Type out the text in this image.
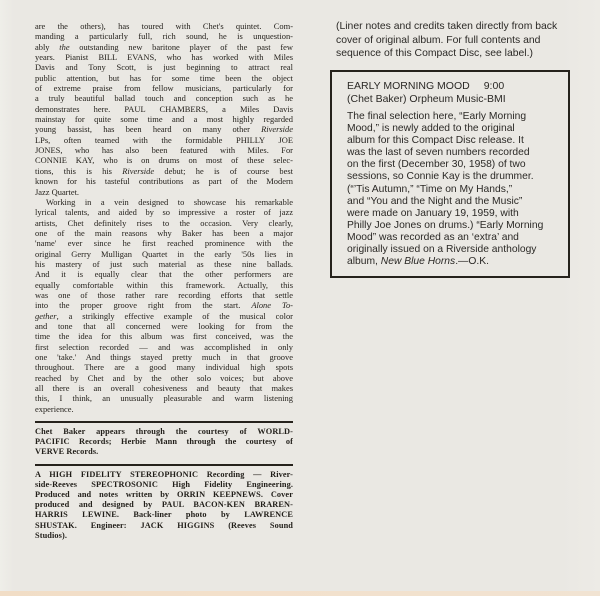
are the others), has toured with Chet's quintet. Com-
manding a particularly full, rich sound, he is unquestion-
ably the outstanding new baritone player of the past few
years. Pianist BILL EVANS, who has worked with Miles
Davis and Tony Scott, is just beginning to attract real
public attention, but has for some time been the object
of extreme praise from fellow musicians, particularly for
a truly beautiful ballad touch and conception such as he
demonstrates here. PAUL CHAMBERS, a Miles Davis
mainstay for quite some time and a most highly regarded
young bassist, has been heard on many other Riverside
LPs, often teamed with the formidable PHILLY JOE
JONES, who has also been featured with Miles. For
CONNIE KAY, who is on drums on most of these selec-
tions, this is his Riverside debut; he is of course best
known for his tasteful contributions as part of the Modern
Jazz Quartet.
Working in a vein designed to showcase his remarkable
lyrical talents, and aided by so impressive a roster of jazz
artists, Chet definitely rises to the occasion. Very clearly,
one of the main reasons why Baker has been a major
'name' ever since he first reached prominence with the
original Gerry Mulligan Quartet in the early '50s lies in
his mastery of just such material as these nine ballads.
And it is equally clear that the other performers are
equally comfortable within this framework. Actually, this
was one of those rather rare recording efforts that settle
into the proper groove right from the start. Alone To-
gether, a strikingly effective example of the musical color
and tone that all concerned were looking for from the
time the idea for this album was first conceived, was the
first selection recorded — and was accomplished in only
one 'take.' And things stayed pretty much in that groove
throughout. There are a good many individual high spots
reached by Chet and by the other solo voices; but above
all there is an overall cohesiveness and beauty that makes
this, I think, an unusually pleasurable and warm listening
experience.
Chet Baker appears through the courtesy of WORLD-
PACIFIC Records; Herbie Mann through the courtesy of
VERVE Records.
A HIGH FIDELITY STEREOPHONIC Recording — River-
side-Reeves SPECTROSONIC High Fidelity Engineering.
Produced and notes written by ORRIN KEEPNEWS. Cover
produced and designed by PAUL BACON-KEN BRAREN-
HARRIS LEWINE. Back-liner photo by LAWRENCE
SHUSTAK. Engineer: JACK HIGGINS (Reeves Sound
Studios).
(Liner notes and credits taken directly from back
cover of original album. For full contents and
sequence of this Compact Disc, see label.)
EARLY MORNING MOOD 9:00
(Chet Baker) Orpheum Music-BMI
The final selection here, “Early Morning
Mood,” is newly added to the original
album for this Compact Disc release. It
was the last of seven numbers recorded
on the first (December 30, 1958) of two
sessions, so Connie Kay is the drummer.
(“’Tis Autumn,” “Time on My Hands,”
and “You and the Night and the Music”
were made on January 19, 1959, with
Philly Joe Jones on drums.) “Early Morning
Mood” was recorded as an ‘extra’ and
originally issued on a Riverside anthology
album, New Blue Horns.—O.K.
